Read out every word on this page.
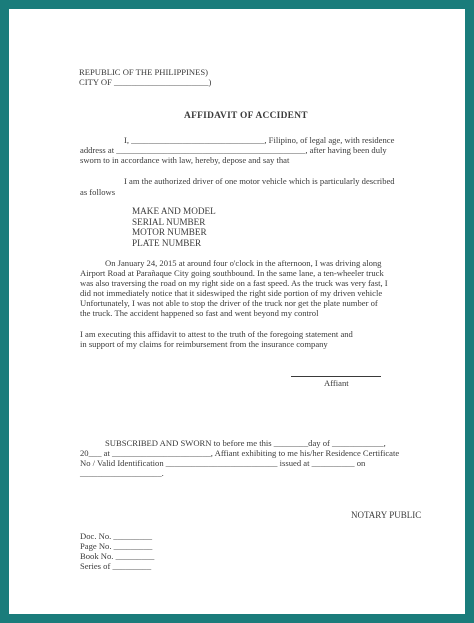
REPUBLIC OF THE PHILIPPINES)
CITY OF ______________________)
AFFIDAVIT OF ACCIDENT
I, _______________________________, Filipino, of legal age, with residence
address at ____________________________________________, after having been duly
sworn to in accordance with law, hereby, depose and say that
I am the authorized driver of one motor vehicle which is particularly described
as follows
MAKE AND MODEL
SERIAL NUMBER
MOTOR NUMBER
PLATE NUMBER
On January 24, 2015 at around four o'clock in the afternoon, I was driving along
Airport Road at Parañaque City going southbound. In the same lane, a ten-wheeler truck
was also traversing the road on my right side on a fast speed. As the truck was very fast, I
did not immediately notice that it sideswiped the right side portion of my driven vehicle
Unfortunately, I was not able to stop the driver of the truck nor get the plate number of
the truck. The accident happened so fast and went beyond my control
I am executing this affidavit to attest to the truth of the foregoing statement and
in support of my claims for reimbursement from the insurance company
Affiant
SUBSCRIBED AND SWORN to before me this ________day of ____________,
20___ at _______________________, Affiant exhibiting to me his/her Residence Certificate
No / Valid Identification __________________________ issued at __________ on
___________________.
NOTARY PUBLIC
Doc. No. _________
Page No. _________
Book No. _________
Series of _________
